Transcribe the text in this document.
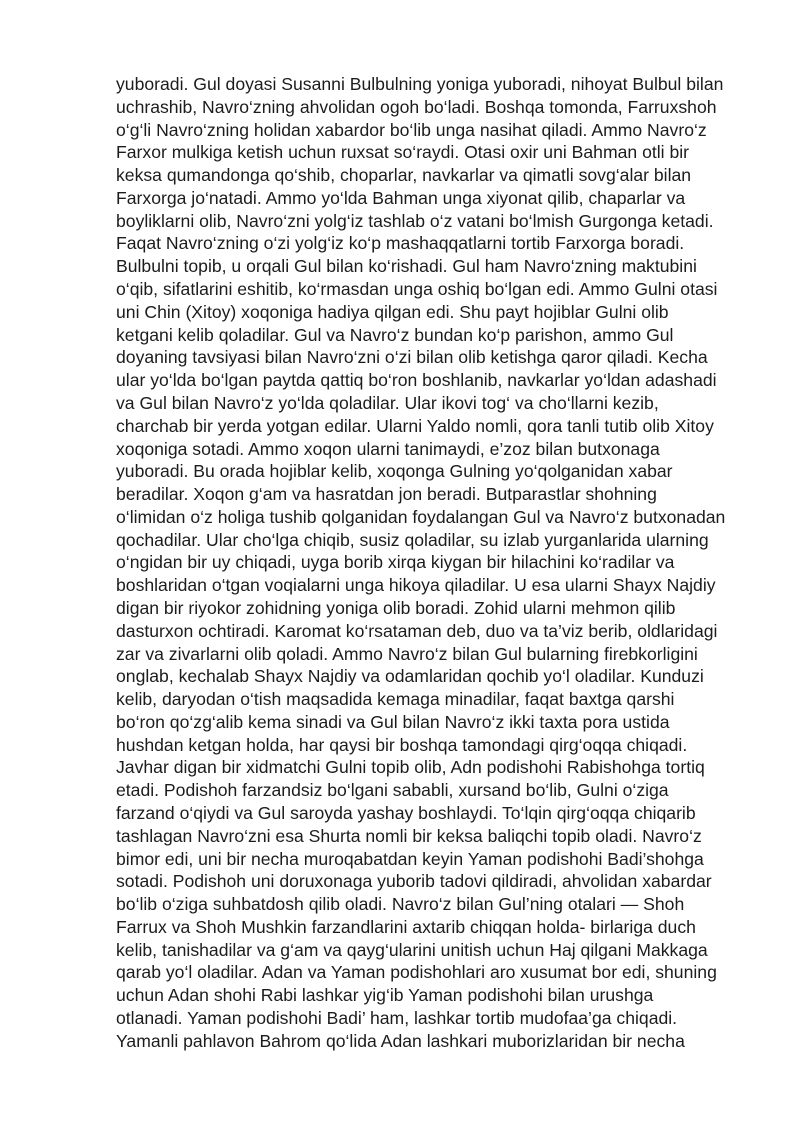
yuboradi. Gul doyasi Susanni Bulbulning yoniga yuboradi, nihoyat Bulbul bilan
uchrashib, Navro‘zning ahvolidan ogoh bo‘ladi. Boshqa tomonda, Farruxshoh
o‘g‘li Navro‘zning holidan xabardor bo‘lib unga nasihat qiladi. Ammo Navro‘z
Farxor mulkiga ketish uchun ruxsat so‘raydi. Otasi oxir uni Bahman otli bir
keksa qumandonga qo‘shib, choparlar, navkarlar va qimatli sovg‘alar bilan
Farxorga jo‘natadi. Ammo yo‘lda Bahman unga xiyonat qilib, chaparlar va
boyliklarni olib, Navro‘zni yolg‘iz tashlab o‘z vatani bo‘lmish Gurgonga ketadi.
Faqat Navro‘zning o‘zi yolg‘iz ko‘p mashaqqatlarni tortib Farxorga boradi.
Bulbulni topib, u orqali Gul bilan ko‘rishadi. Gul ham Navro‘zning maktubini
o‘qib, sifatlarini eshitib, ko‘rmasdan unga oshiq bo‘lgan edi. Ammo Gulni otasi
uni Chin (Xitoy) xoqoniga hadiya qilgan edi. Shu payt hojiblar Gulni olib
ketgani kelib qoladilar. Gul va Navro‘z bundan ko‘p parishon, ammo Gul
doyaning tavsiyasi bilan Navro‘zni o‘zi bilan olib ketishga qaror qiladi. Kecha
ular yo‘lda bo‘lgan paytda qattiq bo‘ron boshlanib, navkarlar yo‘ldan adashadi
va Gul bilan Navro‘z yo‘lda qoladilar. Ular ikovi tog‘ va cho‘llarni kezib,
charchab bir yerda yotgan edilar. Ularni Yaldo nomli, qora tanli tutib olib Xitoy
xoqoniga sotadi. Ammo xoqon ularni tanimaydi, e’zoz bilan butxonaga
yuboradi. Bu orada hojiblar kelib, xoqonga Gulning yo‘qolganidan xabar
beradilar. Xoqon g‘am va hasratdan jon beradi. Butparastlar shohning
o‘limidan o‘z holiga tushib qolganidan foydalangan Gul va Navro‘z butxonadan
qochadilar. Ular cho‘lga chiqib, susiz qoladilar, su izlab yurganlarida ularning
o‘ngidan bir uy chiqadi, uyga borib xirqa kiygan bir hilachini ko‘radilar va
boshlaridan o‘tgan voqialarni unga hikoya qiladilar. U esa ularni Shayx Najdiy
digan bir riyokor zohidning yoniga olib boradi. Zohid ularni mehmon qilib
dasturxon ochtiradi. Karomat ko‘rsataman deb, duo va ta’viz berib, oldlaridagi
zar va zivarlarni olib qoladi. Ammo Navro‘z bilan Gul bularning firebkorligini
onglab, kechalab Shayx Najdiy va odamlaridan qochib yo‘l oladilar. Kunduzi
kelib, daryodan o‘tish maqsadida kemaga minadilar, faqat baxtga qarshi
bo‘ron qo‘zg‘alib kema sinadi va Gul bilan Navro‘z ikki taxta pora ustida
hushdan ketgan holda, har qaysi bir boshqa tamondagi qirg‘oqqa chiqadi.
Javhar digan bir xidmatchi Gulni topib olib, Adn podishohi Rabishohga tortiq
etadi. Podishoh farzandsiz bo‘lgani sababli, xursand bo‘lib, Gulni o‘ziga
farzand o‘qiydi va Gul saroyda yashay boshlaydi. To‘lqin qirg‘oqqa chiqarib
tashlagan Navro‘zni esa Shurta nomli bir keksa baliqchi topib oladi. Navro‘z
bimor edi, uni bir necha muroqabatdan keyin Yaman podishohi Badi’shohga
sotadi. Podishoh uni doruxonaga yuborib tadovi qildiradi, ahvolidan xabardar
bo‘lib o‘ziga suhbatdosh qilib oladi. Navro‘z bilan Gul’ning otalari — Shoh
Farrux va Shoh Mushkin farzandlarini axtarib chiqqan holda- birlariga duch
kelib, tanishadilar va g‘am va qayg‘ularini unitish uchun Haj qilgani Makkaga
qarab yo‘l oladilar. Adan va Yaman podishohlari aro xusumat bor edi, shuning
uchun Adan shohi Rabi lashkar yig‘ib Yaman podishohi bilan urushga
otlanadi. Yaman podishohi Badi’ ham, lashkar tortib mudofaa’ga chiqadi.
Yamanli pahlavon Bahrom qo‘lida Adan lashkari muborizlaridan bir necha
